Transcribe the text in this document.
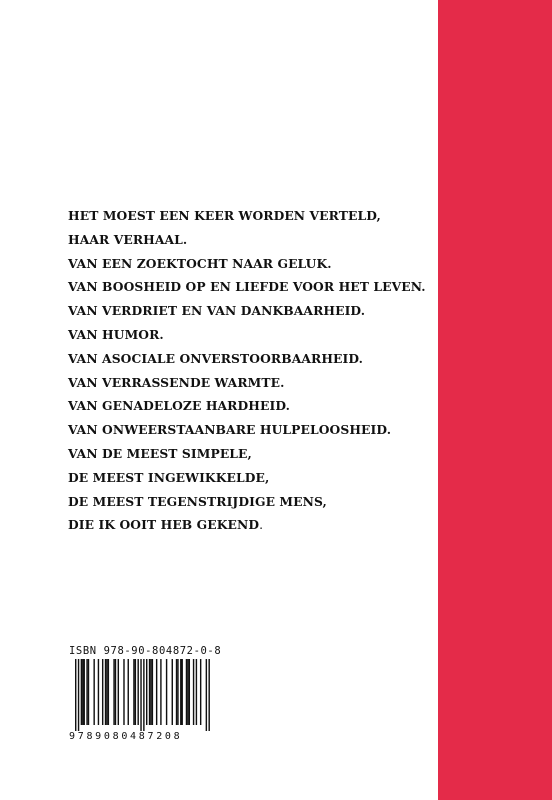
HET MOEST EEN KEER WORDEN VERTELD,
HAAR VERHAAL.
VAN EEN ZOEKTOCHT NAAR GELUK.
VAN BOOSHEID OP EN LIEFDE VOOR HET LEVEN.
VAN VERDRIET EN VAN DANKBAARHEID.
VAN HUMOR.
VAN ASOCIALE ONVERSTOORBAARHEID.
VAN VERRASSENDE WARMTE.
VAN GENADELOZE HARDHEID.
VAN ONWEERSTAANBARE HULPELOOSHEID.
VAN DE MEEST SIMPELE,
DE MEEST INGEWIKKELDE,
DE MEEST TEGENSTRIJDIGE MENS,
DIE IK OOIT HEB GEKEND.
ISBN 978-90-804872-0-8
9789080487208
